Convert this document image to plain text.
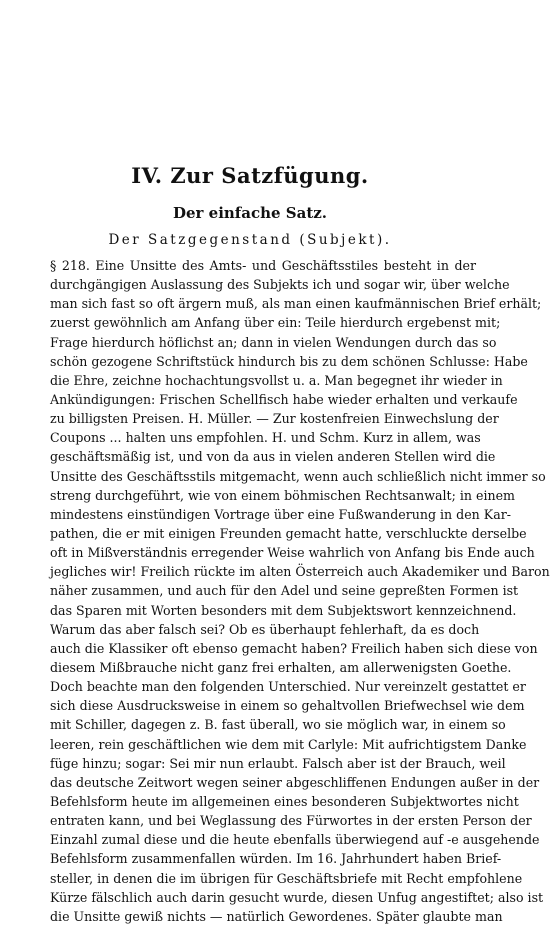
IV. Zur Satzfügung.
Der einfache Satz.
Der Satzgegenstand (Subjekt).
§ 218. Eine Unsitte des Amts- und Geschäftsstiles besteht in der
durchgängigen Auslassung des Subjekts ich und sogar wir, über welche
man sich fast so oft ärgern muß, als man einen kaufmännischen Brief erhält;
zuerst gewöhnlich am Anfang über ein: Teile hierdurch ergebenst mit;
Frage hierdurch höflichst an; dann in vielen Wendungen durch das so
schön gezogene Schriftstück hindurch bis zu dem schönen Schlusse: Habe
die Ehre, zeichne hochachtungsvollst u. a. Man begegnet ihr wieder in
Ankündigungen: Frischen Schellfisch habe wieder erhalten und verkaufe
zu billigsten Preisen. H. Müller. — Zur kostenfreien Einwechslung der
Coupons ... halten uns empfohlen. H. und Schm. Kurz in allem, was
geschäftsmäßig ist, und von da aus in vielen anderen Stellen wird die
Unsitte des Geschäftsstils mitgemacht, wenn auch schließlich nicht immer so
streng durchgeführt, wie von einem böhmischen Rechtsanwalt; in einem
mindestens einstündigen Vortrage über eine Fußwanderung in den Kar-
pathen, die er mit einigen Freunden gemacht hatte, verschluckte derselbe
oft in Mißverständnis erregender Weise wahrlich von Anfang bis Ende auch
jegliches wir! Freilich rückte im alten Österreich auch Akademiker und Baron
näher zusammen, und auch für den Adel und seine gepreßten Formen ist
das Sparen mit Worten besonders mit dem Subjektswort kennzeichnend.
Warum das aber falsch sei? Ob es überhaupt fehlerhaft, da es doch
auch die Klassiker oft ebenso gemacht haben? Freilich haben sich diese von
diesem Mißbrauche nicht ganz frei erhalten, am allerwenigsten Goethe.
Doch beachte man den folgenden Unterschied. Nur vereinzelt gestattet er
sich diese Ausdrucksweise in einem so gehaltvollen Briefwechsel wie dem
mit Schiller, dagegen z. B. fast überall, wo sie möglich war, in einem so
leeren, rein geschäftlichen wie dem mit Carlyle: Mit aufrichtigstem Danke
füge hinzu; sogar: Sei mir nun erlaubt. Falsch aber ist der Brauch, weil
das deutsche Zeitwort wegen seiner abgeschliffenen Endungen außer in der
Befehlsform heute im allgemeinen eines besonderen Subjektwortes nicht
entraten kann, und bei Weglassung des Fürwortes in der ersten Person der
Einzahl zumal diese und die heute ebenfalls überwiegend auf -e ausgehende
Befehlsform zusammenfallen würden. Im 16. Jahrhundert haben Brief-
steller, in denen die im übrigen für Geschäftsbriefe mit Recht empfohlene
Kürze fälschlich auch darin gesucht wurde, diesen Unfug angestiftet; also ist
die Unsitte gewiß nichts — natürlich Gewordenes. Später glaubte man
